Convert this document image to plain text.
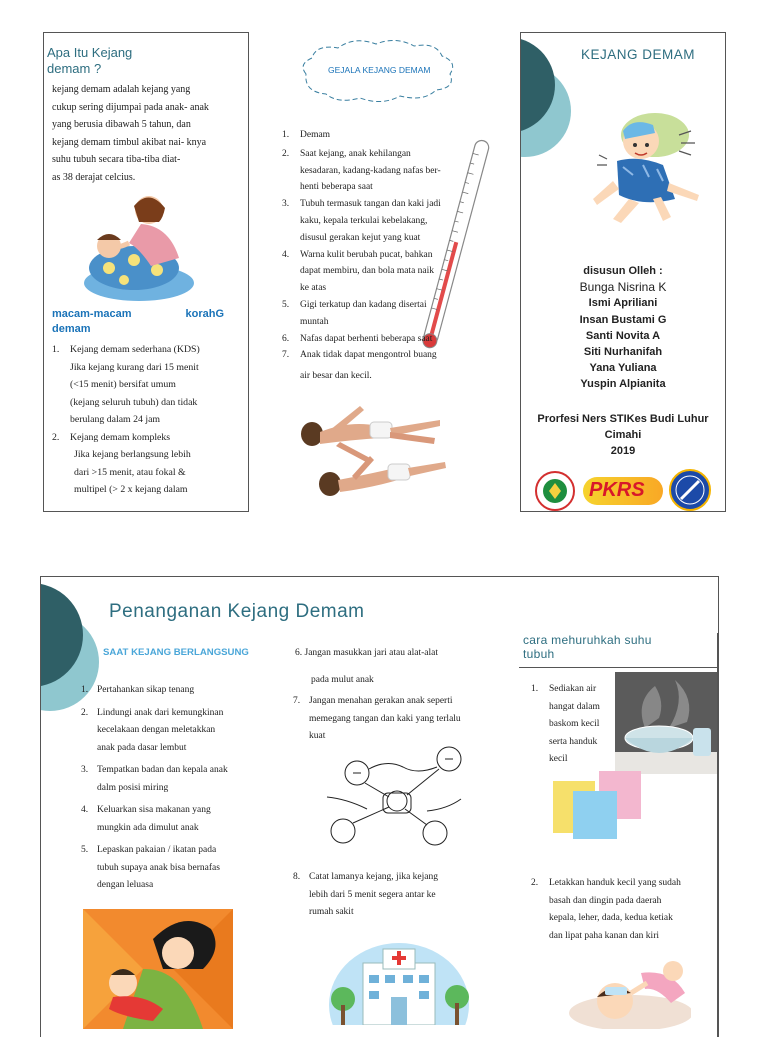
Apa Itu Kejang
demam ?
kejang demam adalah kejang yang
cukup sering dijumpai pada anak- anak
yang berusia dibawah 5 tahun, dan
kejang demam timbul akibat nai- knya
suhu tubuh secara tiba-tiba diat-
as 38 derajat celcius.
macam-macam	korahG
demam
1. Kejang demam sederhana (KDS)
Jika kejang kurang dari 15 menit
(<15 menit) bersifat umum
(kejang seluruh tubuh) dan tidak
berulang dalam 24 jam
2. Kejang demam kompleks
Jika kejang berlangsung lebih
dari >15 menit, atau fokal &
multipel (> 2 x kejang dalam
GEJALA KEJANG DEMAM
1. Demam
2. Saat kejang, anak kehilangan
kesadaran, kadang-kadang nafas ber-
henti beberapa saat
3. Tubuh termasuk tangan dan kaki jadi
kaku, kepala terkulai kebelakang,
disusul gerakan kejut yang kuat
4. Warna kulit berubah pucat, bahkan
dapat membiru, dan bola mata naik
ke atas
5. Gigi terkatup dan kadang disertai
muntah
6. Nafas dapat berhenti beberapa saat
7. Anak tidak dapat mengontrol buang
air besar dan kecil.
KEJANG DEMAM
disusun Olleh :
Bunga Nisrina K
Ismi Apriliani
Insan Bustami G
Santi Novita A
Siti Nurhanifah
Yana Yuliana
Yuspin Alpianita
Prorfesi Ners STIKes Budi Luhur
Cimahi
2019
PKRS
Penanganan Kejang Demam
SAAT KEJANG BERLANGSUNG
1. Pertahankan sikap tenang
2. Lindungi anak dari kemungkinan
kecelakaan dengan meletakkan
anak pada dasar lembut
3. Tempatkan badan dan kepala anak
dalm posisi miring
4. Keluarkan sisa makanan yang
mungkin ada dimulut anak
5. Lepaskan pakaian / ikatan pada
tubuh supaya anak bisa bernafas
dengan leluasa
6. Jangan masukkan jari atau alat-alat
pada mulut anak
7. Jangan menahan gerakan anak seperti
memegang tangan dan kaki yang terlalu
kuat
8. Catat lamanya kejang, jika kejang
lebih dari 5 menit segera antar ke
rumah sakit
cara mehuruhkah suhu
tubuh
1. Sediakan air
hangat dalam
baskom kecil
serta handuk
kecil
2. Letakkan handuk kecil yang sudah
basah dan dingin pada daerah
kepala, leher, dada, kedua ketiak
dan lipat paha kanan dan kiri
